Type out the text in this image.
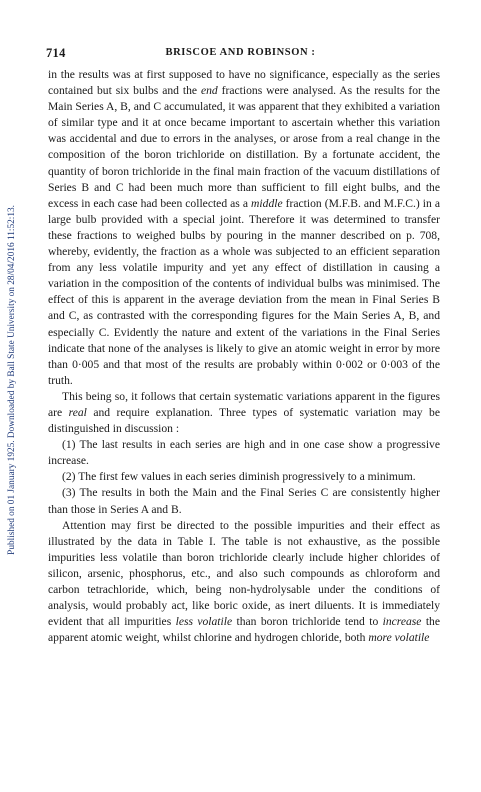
714	BRISCOE AND ROBINSON :
Published on 01 January 1925. Downloaded by Ball State University on 28/04/2016 11:52:13.

in the results was at first supposed to have no significance, especially as the series contained but six bulbs and the end fractions were analysed. As the results for the Main Series A, B, and C accumulated, it was apparent that they exhibited a variation of similar type and it at once became important to ascertain whether this variation was accidental and due to errors in the analyses, or arose from a real change in the composition of the boron trichloride on distillation. By a fortunate accident, the quantity of boron trichloride in the final main fraction of the vacuum distillations of Series B and C had been much more than sufficient to fill eight bulbs, and the excess in each case had been collected as a middle fraction (M.F.B. and M.F.C.) in a large bulb provided with a special joint. Therefore it was determined to transfer these fractions to weighed bulbs by pouring in the manner described on p. 708, whereby, evidently, the fraction as a whole was subjected to an efficient separation from any less volatile impurity and yet any effect of distillation in causing a variation in the composition of the contents of individual bulbs was minimised. The effect of this is apparent in the average deviation from the mean in Final Series B and C, as contrasted with the corresponding figures for the Main Series A, B, and especially C. Evidently the nature and extent of the variations in the Final Series indicate that none of the analyses is likely to give an atomic weight in error by more than 0·005 and that most of the results are probably within 0·002 or 0·003 of the truth.

This being so, it follows that certain systematic variations apparent in the figures are real and require explanation. Three types of systematic variation may be distinguished in discussion :

(1) The last results in each series are high and in one case show a progressive increase.

(2) The first few values in each series diminish progressively to a minimum.

(3) The results in both the Main and the Final Series C are consistently higher than those in Series A and B.

Attention may first be directed to the possible impurities and their effect as illustrated by the data in Table I. The table is not exhaustive, as the possible impurities less volatile than boron trichloride clearly include higher chlorides of silicon, arsenic, phosphorus, etc., and also such compounds as chloroform and carbon tetrachloride, which, being non-hydrolysable under the conditions of analysis, would probably act, like boric oxide, as inert diluents. It is immediately evident that all impurities less volatile than boron trichloride tend to increase the apparent atomic weight, whilst chlorine and hydrogen chloride, both more volatile
